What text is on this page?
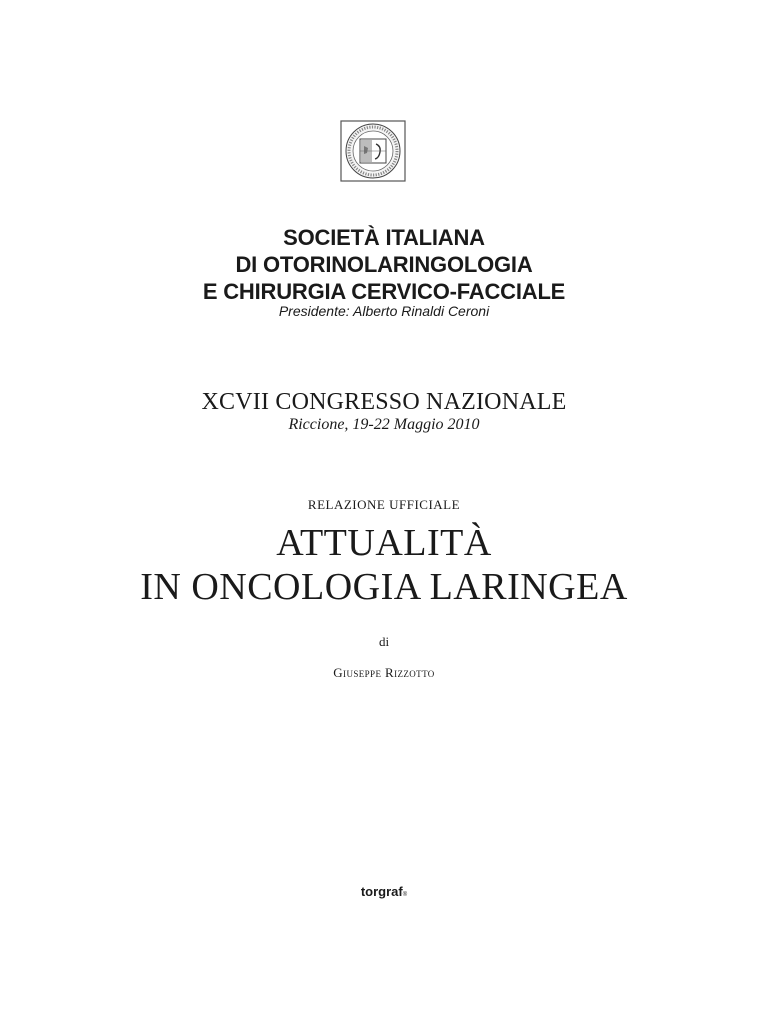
SOCIETÀ ITALIANA
DI OTORINOLARINGOLOGIA
E CHIRURGIA CERVICO-FACCIALE
Presidente: Alberto Rinaldi Ceroni
XCVII CONGRESSO NAZIONALE
Riccione, 19-22 Maggio 2010
RELAZIONE UFFICIALE
ATTUALITÀ
IN ONCOLOGIA LARINGEA
di
Giuseppe Rizzotto
torgraf®
